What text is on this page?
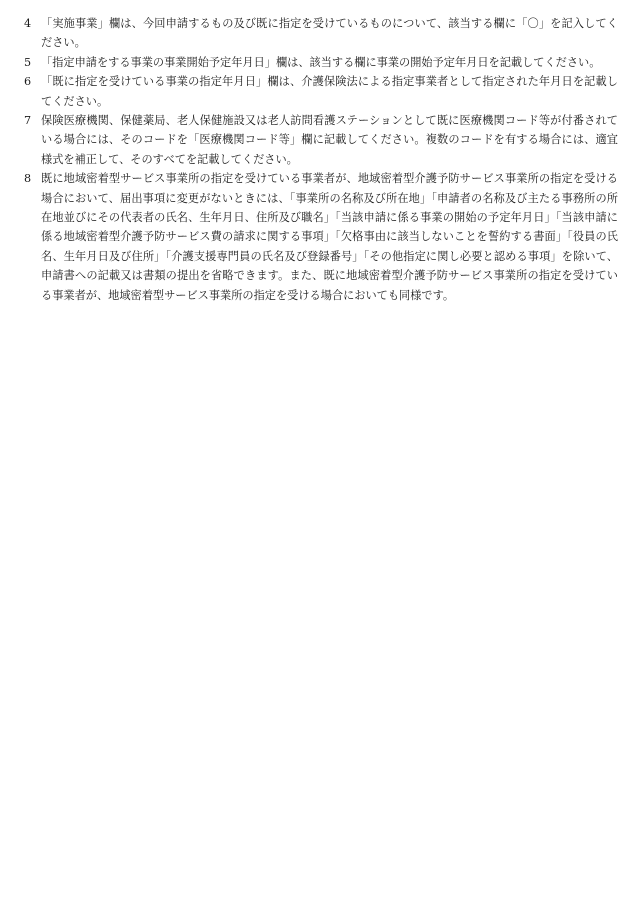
4 「実施事業」欄は、今回申請するもの及び既に指定を受けているものについて、該当する欄に「〇」を記入してください。
5 「指定申請をする事業の事業開始予定年月日」欄は、該当する欄に事業の開始予定年月日を記載してください。
6 「既に指定を受けている事業の指定年月日」欄は、介護保険法による指定事業者として指定された年月日を記載してください。
7 保険医療機関、保健薬局、老人保健施設又は老人訪問看護ステーションとして既に医療機関コード等が付番されている場合には、そのコードを「医療機関コード等」欄に記載してください。複数のコードを有する場合には、適宜様式を補正して、そのすべてを記載してください。
8 既に地域密着型サービス事業所の指定を受けている事業者が、地域密着型介護予防サービス事業所の指定を受ける場合において、届出事項に変更がないときには、「事業所の名称及び所在地」「申請者の名称及び主たる事務所の所在地並びにその代表者の氏名、生年月日、住所及び職名」「当該申請に係る事業の開始の予定年月日」「当該申請に係る地域密着型介護予防サービス費の請求に関する事項」「欠格事由に該当しないことを誓約する書面」「役員の氏名、生年月日及び住所」「介護支援専門員の氏名及び登録番号」「その他指定に関し必要と認める事項」を除いて、申請書への記載又は書類の提出を省略できます。また、既に地域密着型介護予防サービス事業所の指定を受けている事業者が、地域密着型サービス事業所の指定を受ける場合においても同様です。
